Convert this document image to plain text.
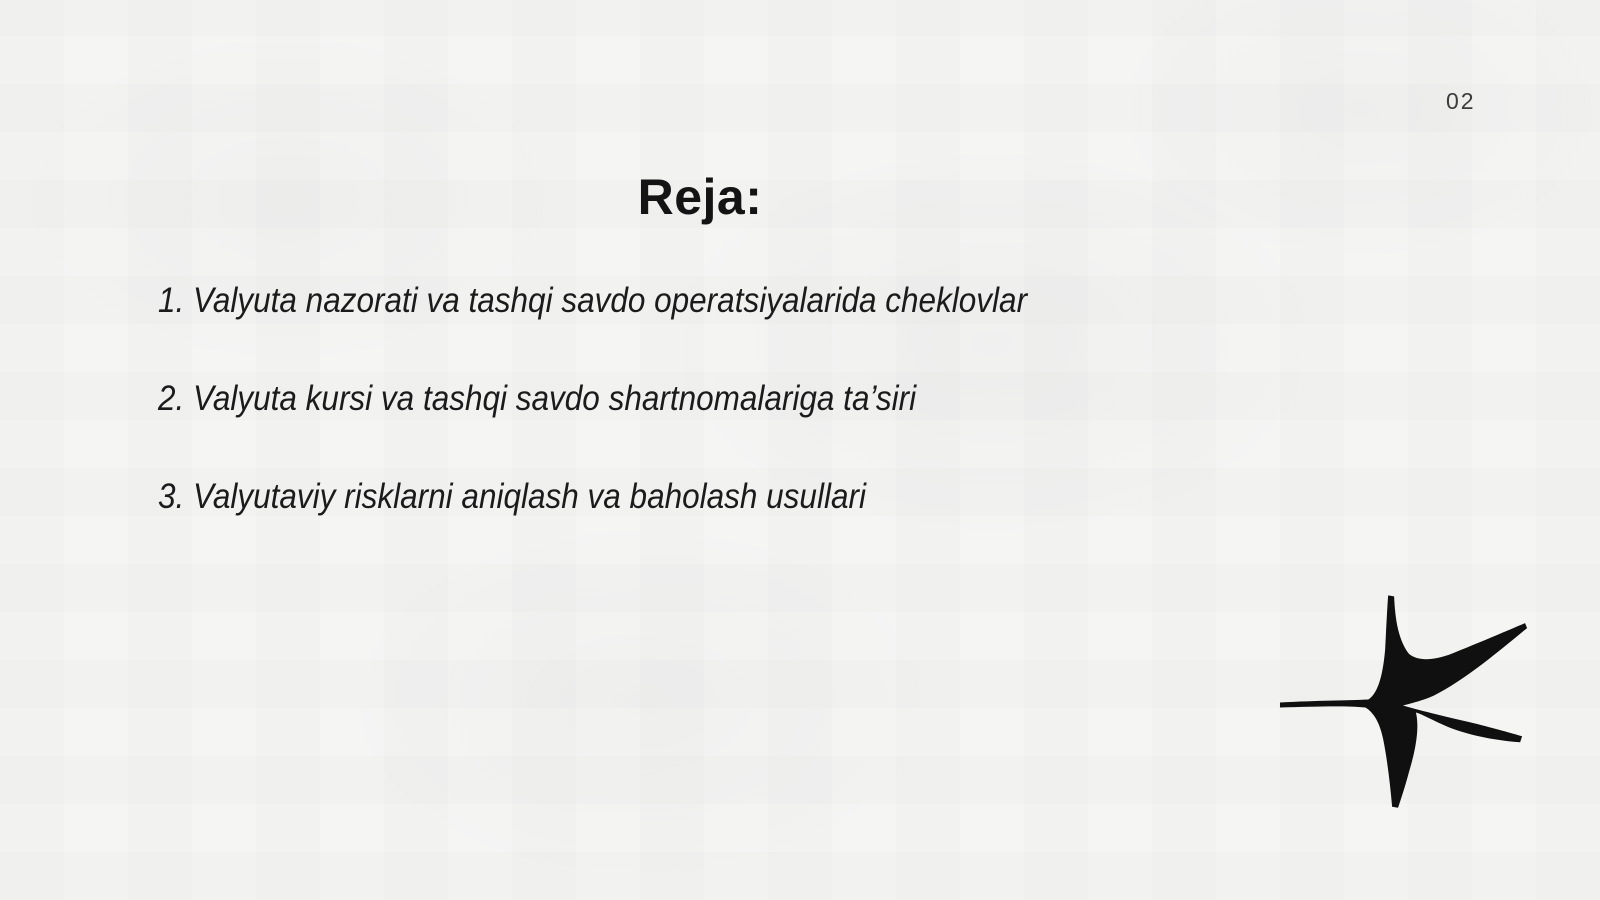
02
Reja:
1. Valyuta nazorati va tashqi savdo operatsiyalarida cheklovlar
2. Valyuta kursi va tashqi savdo shartnomalariga ta’siri
3. Valyutaviy risklarni aniqlash va baholash usullari
